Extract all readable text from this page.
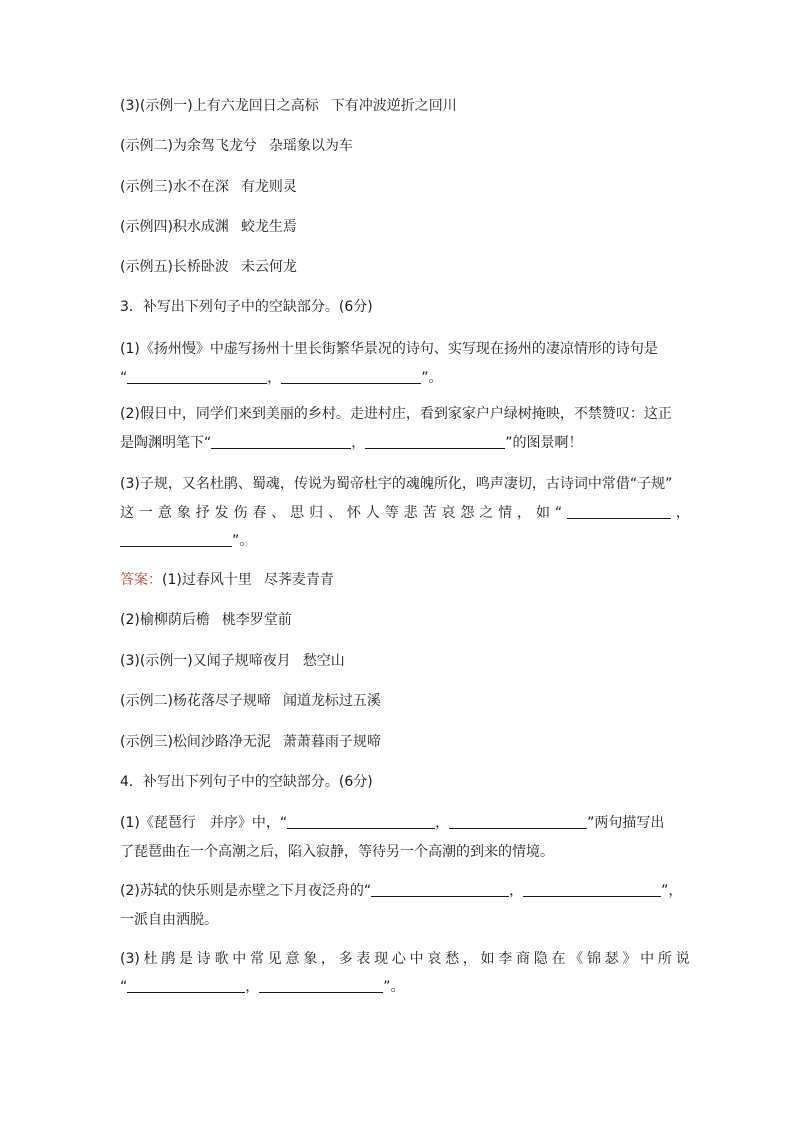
(3)(示例一)上有六龙回日之高标 下有冲波逆折之回川
(示例二)为余驾飞龙兮 杂瑶象以为车
(示例三)水不在深 有龙则灵
(示例四)积水成渊 蛟龙生焉
(示例五)长桥卧波 未云何龙
3．补写出下列句子中的空缺部分。(6分)
(1)《扬州慢》中虚写扬州十里长街繁华景况的诗句、实写现在扬州的凄凉情形的诗句是
“	，	”。
(2)假日中，同学们来到美丽的乡村。走进村庄，看到家家户户绿树掩映，不禁赞叹：这正
是陶渊明笔下“	，	”的图景啊！
(3)子规，又名杜鹃、蜀魂，传说为蜀帝杜宇的魂魄所化，鸣声凄切，古诗词中常借“子规”
这 一 意 象 抒 发 伤 春 、 思 归 、 怀 人 等 悲 苦 哀 怨 之 情 ， 如 “	，
”。
答案：(1)过春风十里 尽荠麦青青
(2)榆柳荫后檐 桃李罗堂前
(3)(示例一)又闻子规啼夜月 愁空山
(示例二)杨花落尽子规啼 闻道龙标过五溪
(示例三)松间沙路净无泥 萧萧暮雨子规啼
4．补写出下列句子中的空缺部分。(6分)
(1)《琵琶行　并序》中，“	，	”两句描写出
了琵琶曲在一个高潮之后，陷入寂静，等待另一个高潮的到来的情境。
(2)苏轼的快乐则是赤壁之下月夜泛舟的“	，	”，
一派自由洒脱。
(3) 杜 鹃 是 诗 歌 中 常 见 意 象 ， 多 表 现 心 中 哀 愁 ， 如 李 商 隐 在 《 锦 瑟 》 中 所 说
“	，	”。
